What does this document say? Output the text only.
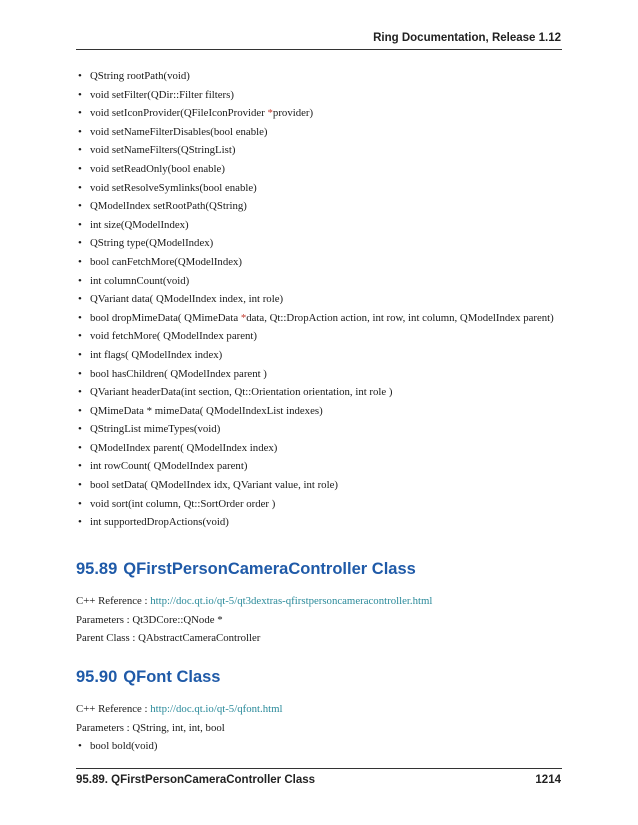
Ring Documentation, Release 1.12
• QString rootPath(void)
• void setFilter(QDir::Filter filters)
• void setIconProvider(QFileIconProvider *provider)
• void setNameFilterDisables(bool enable)
• void setNameFilters(QStringList)
• void setReadOnly(bool enable)
• void setResolveSymlinks(bool enable)
• QModelIndex setRootPath(QString)
• int size(QModelIndex)
• QString type(QModelIndex)
• bool canFetchMore(QModelIndex)
• int columnCount(void)
• QVariant data( QModelIndex index, int role)
• bool dropMimeData( QMimeData *data, Qt::DropAction action, int row, int column, QModelIndex parent)
• void fetchMore( QModelIndex parent)
• int flags( QModelIndex index)
• bool hasChildren( QModelIndex parent )
• QVariant headerData(int section, Qt::Orientation orientation, int role )
• QMimeData * mimeData( QModelIndexList indexes)
• QStringList mimeTypes(void)
• QModelIndex parent( QModelIndex index)
• int rowCount( QModelIndex parent)
• bool setData( QModelIndex idx, QVariant value, int role)
• void sort(int column, Qt::SortOrder order )
• int supportedDropActions(void)
95.89 QFirstPersonCameraController Class
C++ Reference : http://doc.qt.io/qt-5/qt3dextras-qfirstpersoncameracontroller.html
Parameters : Qt3DCore::QNode *
Parent Class : QAbstractCameraController
95.90 QFont Class
C++ Reference : http://doc.qt.io/qt-5/qfont.html
Parameters : QString, int, int, bool
• bool bold(void)
95.89. QFirstPersonCameraController Class	1214
